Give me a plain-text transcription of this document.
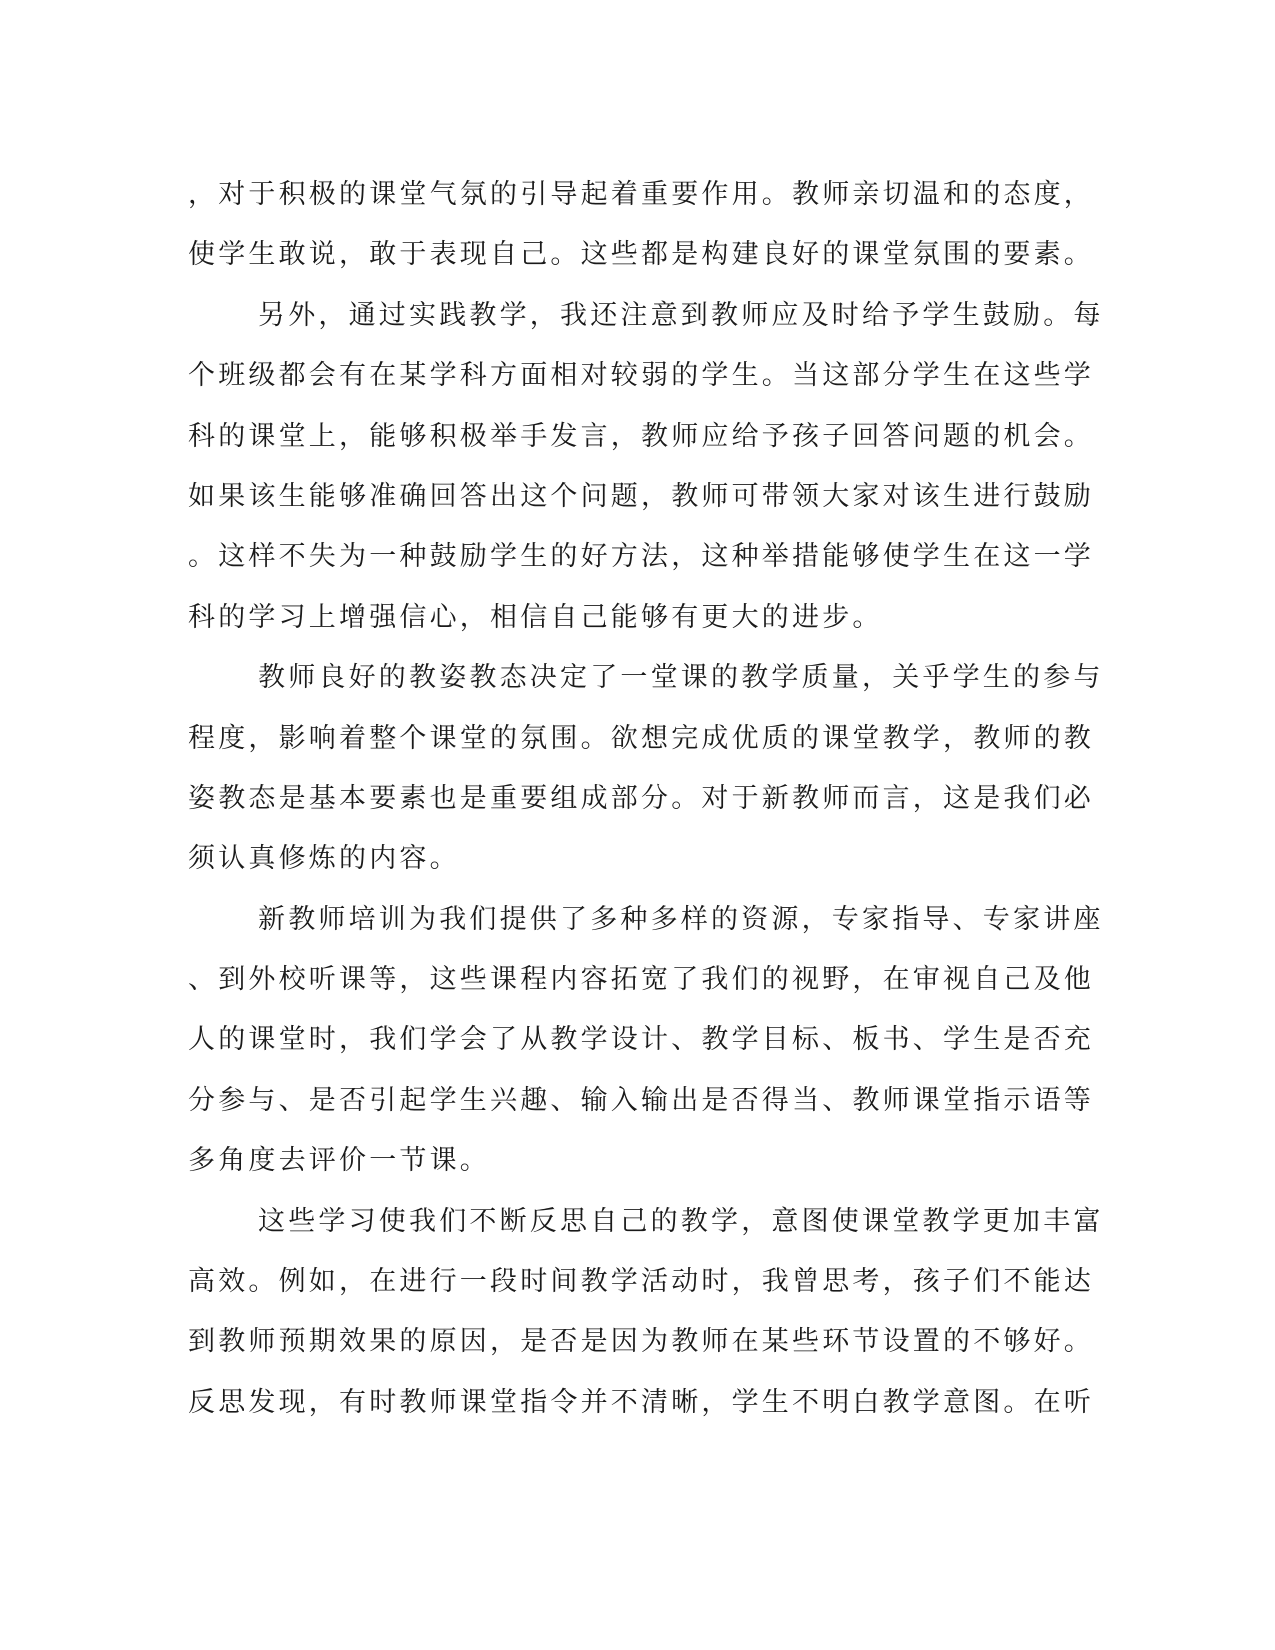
，对于积极的课堂气氛的引导起着重要作用。教师亲切温和的态度，
使学生敢说，敢于表现自己。这些都是构建良好的课堂氛围的要素。
另外，通过实践教学，我还注意到教师应及时给予学生鼓励。每
个班级都会有在某学科方面相对较弱的学生。当这部分学生在这些学
科的课堂上，能够积极举手发言，教师应给予孩子回答问题的机会。
如果该生能够准确回答出这个问题，教师可带领大家对该生进行鼓励
。这样不失为一种鼓励学生的好方法，这种举措能够使学生在这一学
科的学习上增强信心，相信自己能够有更大的进步。
教师良好的教姿教态决定了一堂课的教学质量，关乎学生的参与
程度，影响着整个课堂的氛围。欲想完成优质的课堂教学，教师的教
姿教态是基本要素也是重要组成部分。对于新教师而言，这是我们必
须认真修炼的内容。
新教师培训为我们提供了多种多样的资源，专家指导、专家讲座
、到外校听课等，这些课程内容拓宽了我们的视野，在审视自己及他
人的课堂时，我们学会了从教学设计、教学目标、板书、学生是否充
分参与、是否引起学生兴趣、输入输出是否得当、教师课堂指示语等
多角度去评价一节课。
这些学习使我们不断反思自己的教学，意图使课堂教学更加丰富
高效。例如，在进行一段时间教学活动时，我曾思考，孩子们不能达
到教师预期效果的原因，是否是因为教师在某些环节设置的不够好。
反思发现，有时教师课堂指令并不清晰，学生不明白教学意图。在听
